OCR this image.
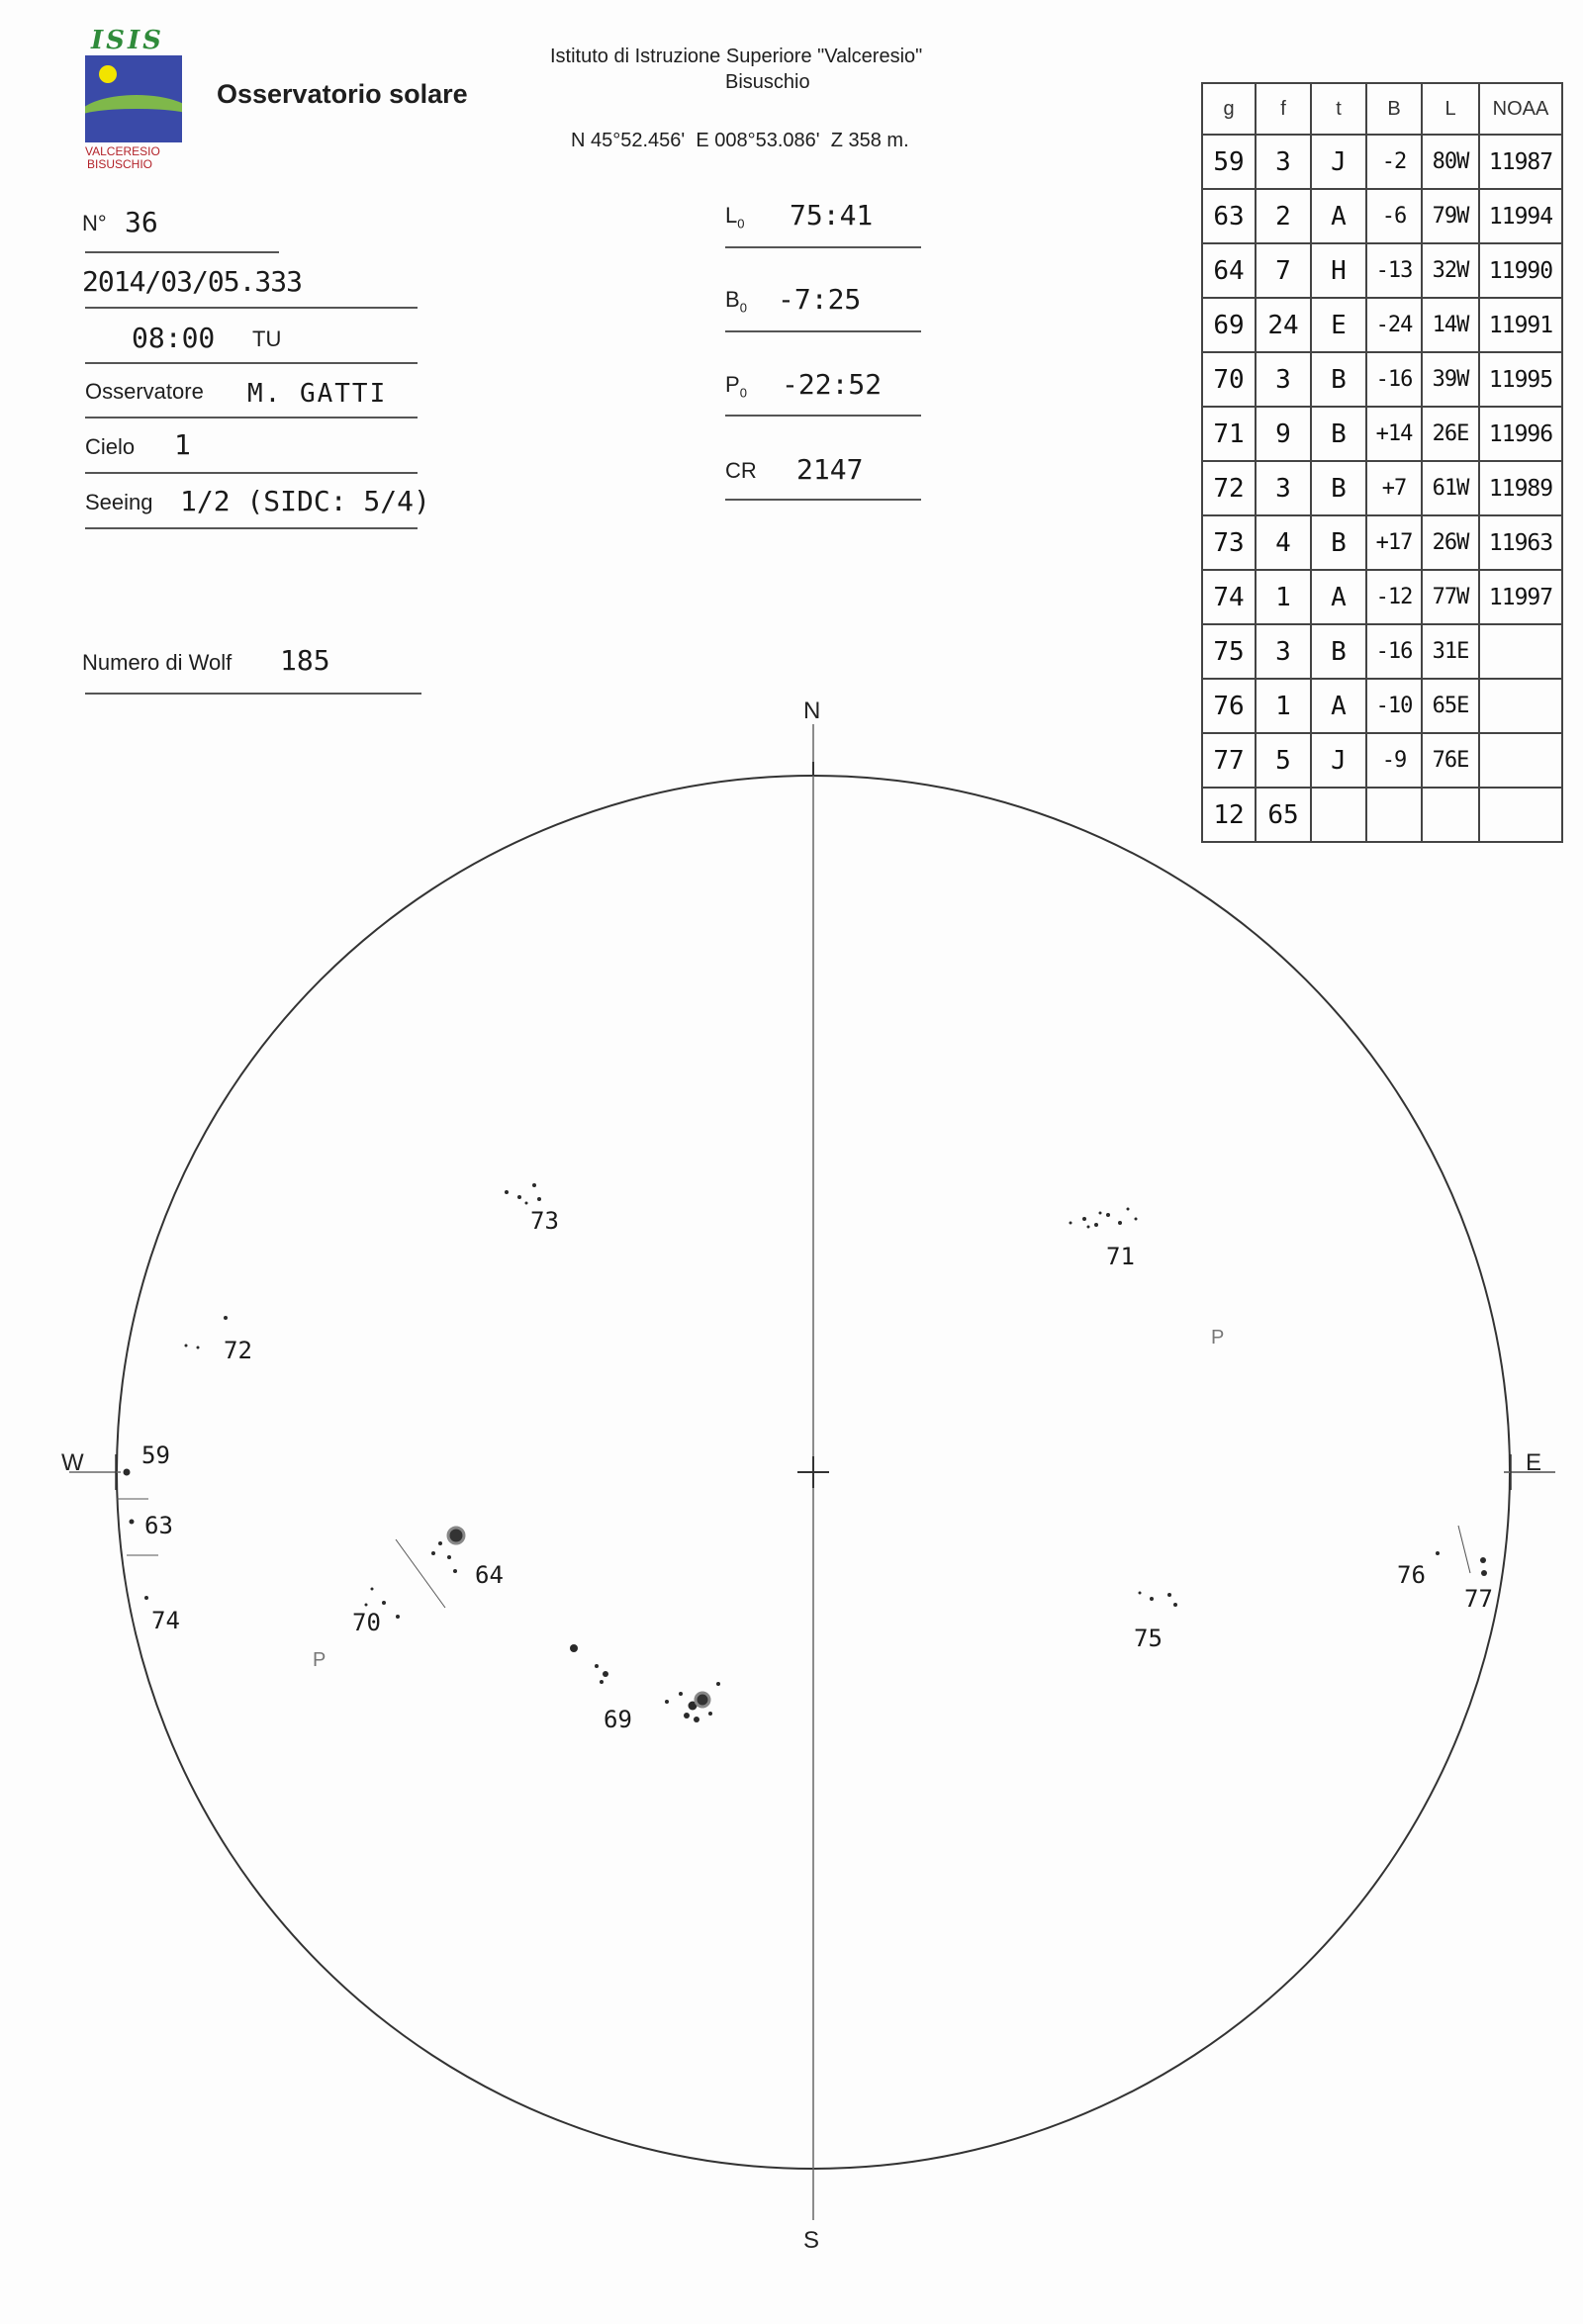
ISIS
VALCERESIO
BISUSCHIO
Osservatorio solare
Istituto di Istruzione Superiore "Valceresio"
Bisuschio
N 45°52.456'  E 008°53.086'  Z 358 m.
N° 36
2014/03/05.333
08:00 TU
Osservatore M. GATTI
Cielo 1
Seeing 1/2 (SIDC: 5/4)
Numero di Wolf 185
$L_0$ 75:41
$B_0$ -7:25
$P_0$ -22:52
CR 2147
g	f	t	B	L	NOAA
59	3	J	-2	80W	11987
63	2	A	-6	79W	11994
64	7	H	-13	32W	11990
69	24	E	-24	14W	11991
70	3	B	-16	39W	11995
71	9	B	+14	26E	11996
72	3	B	+7	61W	11989
73	4	B	+17	26W	11963
74	1	A	-12	77W	11997
75	3	B	-16	31E	
76	1	A	-10	65E	
77	5	J	-9	76E	
12	65				
N
S
E
W
73
71
72
59
63
64
74	70
69
75
76
77
P
P
